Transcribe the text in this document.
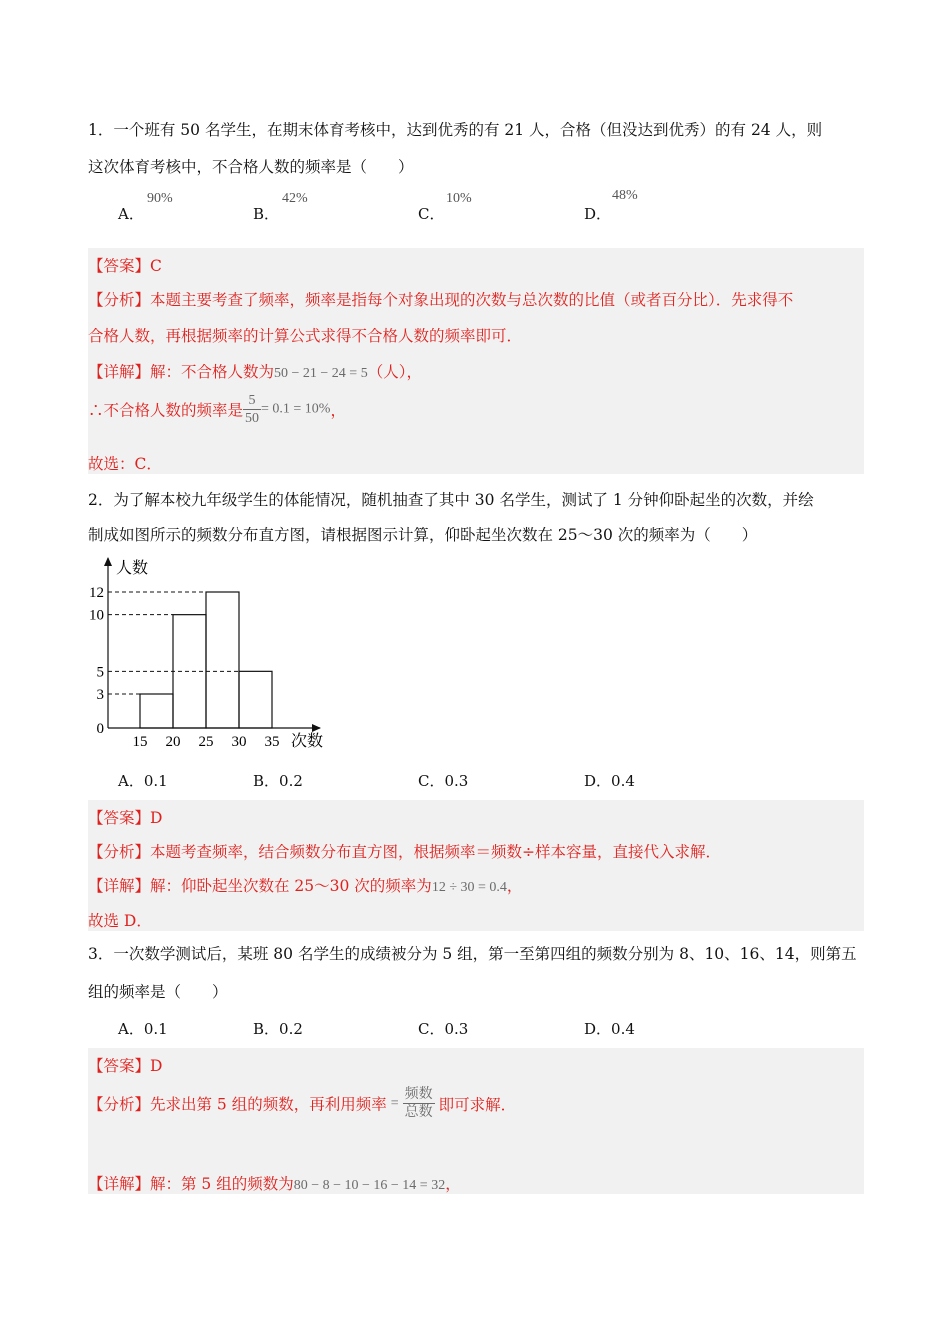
1．一个班有 50 名学生，在期末体育考核中，达到优秀的有 21 人，合格（但没达到优秀）的有 24 人，则
这次体育考核中，不合格人数的频率是（　　）
A．
90%
B．
42%
C．
10%
D．
48%
【答案】C
【分析】本题主要考查了频率，频率是指每个对象出现的次数与总次数的比值（或者百分比）．先求得不
合格人数，再根据频率的计算公式求得不合格人数的频率即可．
【详解】解：不合格人数为50 − 21 − 24 = 5（人），
∴不合格人数的频率是 $\frac{5}{50} = 0.1 = 10\%$，
故选：C．
2．为了解本校九年级学生的体能情况，随机抽查了其中 30 名学生，测试了 1 分钟仰卧起坐的次数，并绘
制成如图所示的频数分布直方图，请根据图示计算，仰卧起坐次数在 25～30 次的频率为（　　）
0
3
5
10
12
15 20 25 30 35
人数
次数
A．0.1	B．0.2	C．0.3	D．0.4
【答案】D
【分析】本题考查频率，结合频数分布直方图，根据频率＝频数÷样本容量，直接代入求解．
【详解】解：仰卧起坐次数在 25～30 次的频率为12 ÷ 30 = 0.4，
故选 D．
3．一次数学测试后，某班 80 名学生的成绩被分为 5 组，第一至第四组的频数分别为 8、10、16、14，则第五
组的频率是（　　）
A．0.1	B．0.2	C．0.3	D．0.4
【答案】D
【分析】先求出第 5 组的频数，再利用频率 = $\frac{\text{频数}}{\text{总数}}$ 即可求解．
【详解】解：第 5 组的频数为80 − 8 − 10 − 16 − 14 = 32，
